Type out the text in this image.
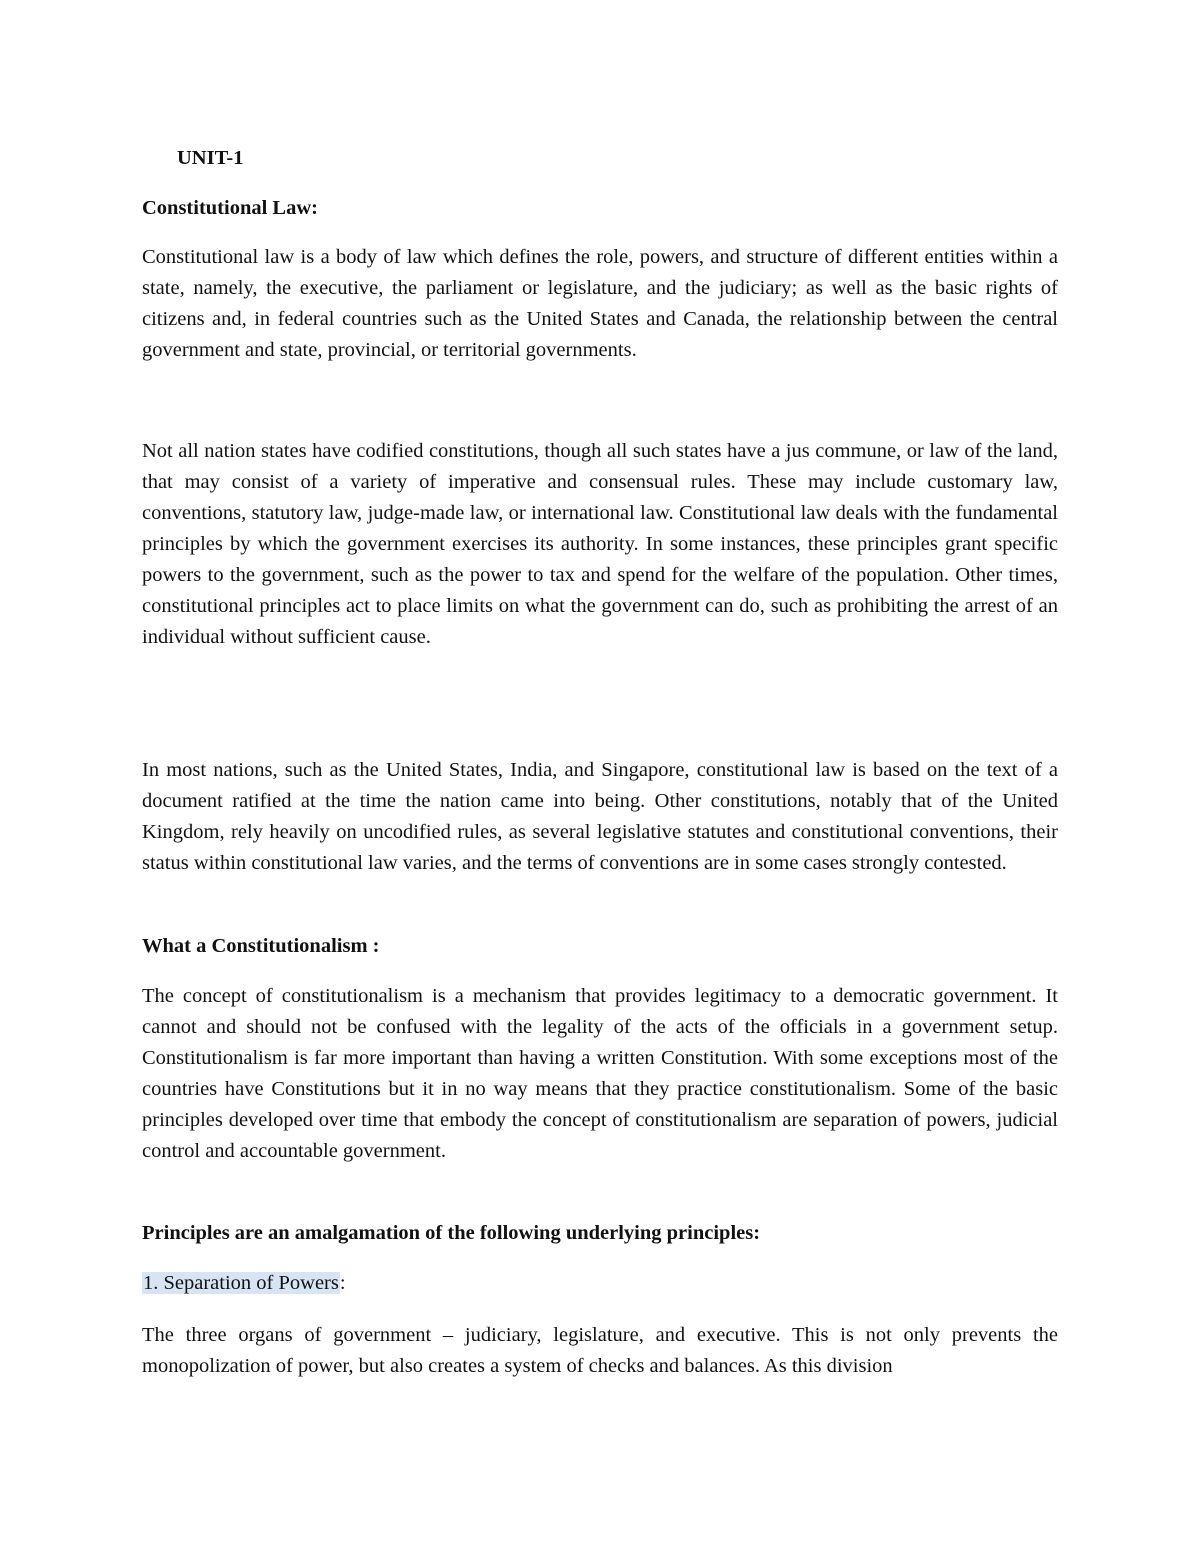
UNIT-1

Constitutional Law:

Constitutional law is a body of law which defines the role, powers, and structure of different entities within a state, namely, the executive, the parliament or legislature, and the judiciary; as well as the basic rights of citizens and, in federal countries such as the United States and Canada, the relationship between the central government and state, provincial, or territorial governments.

Not all nation states have codified constitutions, though all such states have a jus commune, or law of the land, that may consist of a variety of imperative and consensual rules. These may include customary law, conventions, statutory law, judge-made law, or international law. Constitutional law deals with the fundamental principles by which the government exercises its authority. In some instances, these principles grant specific powers to the government, such as the power to tax and spend for the welfare of the population. Other times, constitutional principles act to place limits on what the government can do, such as prohibiting the arrest of an individual without sufficient cause.

In most nations, such as the United States, India, and Singapore, constitutional law is based on the text of a document ratified at the time the nation came into being. Other constitutions, notably that of the United Kingdom, rely heavily on uncodified rules, as several legislative statutes and constitutional conventions, their status within constitutional law varies, and the terms of conventions are in some cases strongly contested.

What a Constitutionalism :

The concept of constitutionalism is a mechanism that provides legitimacy to a democratic government. It cannot and should not be confused with the legality of the acts of the officials in a government setup. Constitutionalism is far more important than having a written Constitution. With some exceptions most of the countries have Constitutions but it in no way means that they practice constitutionalism. Some of the basic principles developed over time that embody the concept of constitutionalism are separation of powers, judicial control and accountable government.

Principles are an amalgamation of the following underlying principles:

1. Separation of Powers:

The three organs of government – judiciary, legislature, and executive. This is not only prevents the monopolization of power, but also creates a system of checks and balances. As this division
